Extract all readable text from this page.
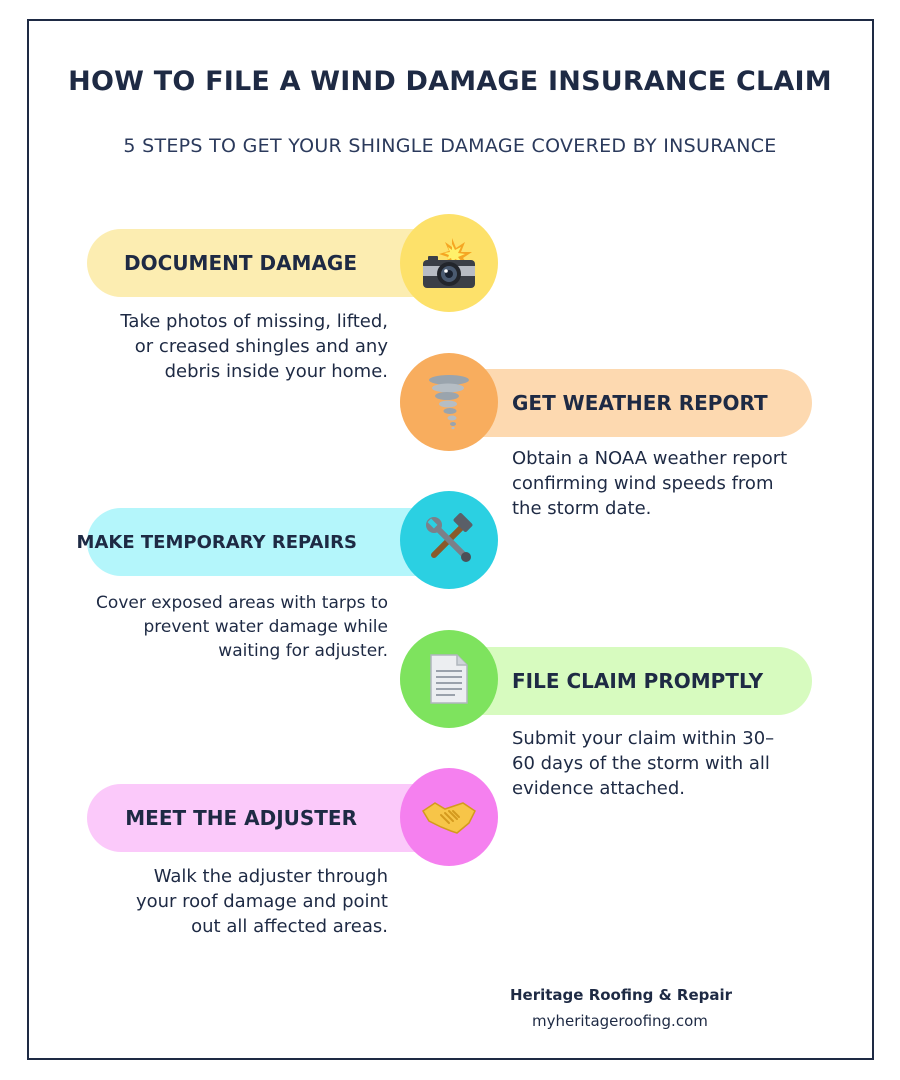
HOW TO FILE A WIND DAMAGE INSURANCE CLAIM
5 STEPS TO GET YOUR SHINGLE DAMAGE COVERED BY INSURANCE
DOCUMENT DAMAGE
Take photos of missing, lifted, or creased shingles and any debris inside your home.
GET WEATHER REPORT
Obtain a NOAA weather report confirming wind speeds from the storm date.
MAKE TEMPORARY REPAIRS
Cover exposed areas with tarps to prevent water damage while waiting for adjuster.
FILE CLAIM PROMPTLY
Submit your claim within 30–60 days of the storm with all evidence attached.
MEET THE ADJUSTER
Walk the adjuster through your roof damage and point out all affected areas.
Heritage Roofing & Repair
myheritageroofing.com
